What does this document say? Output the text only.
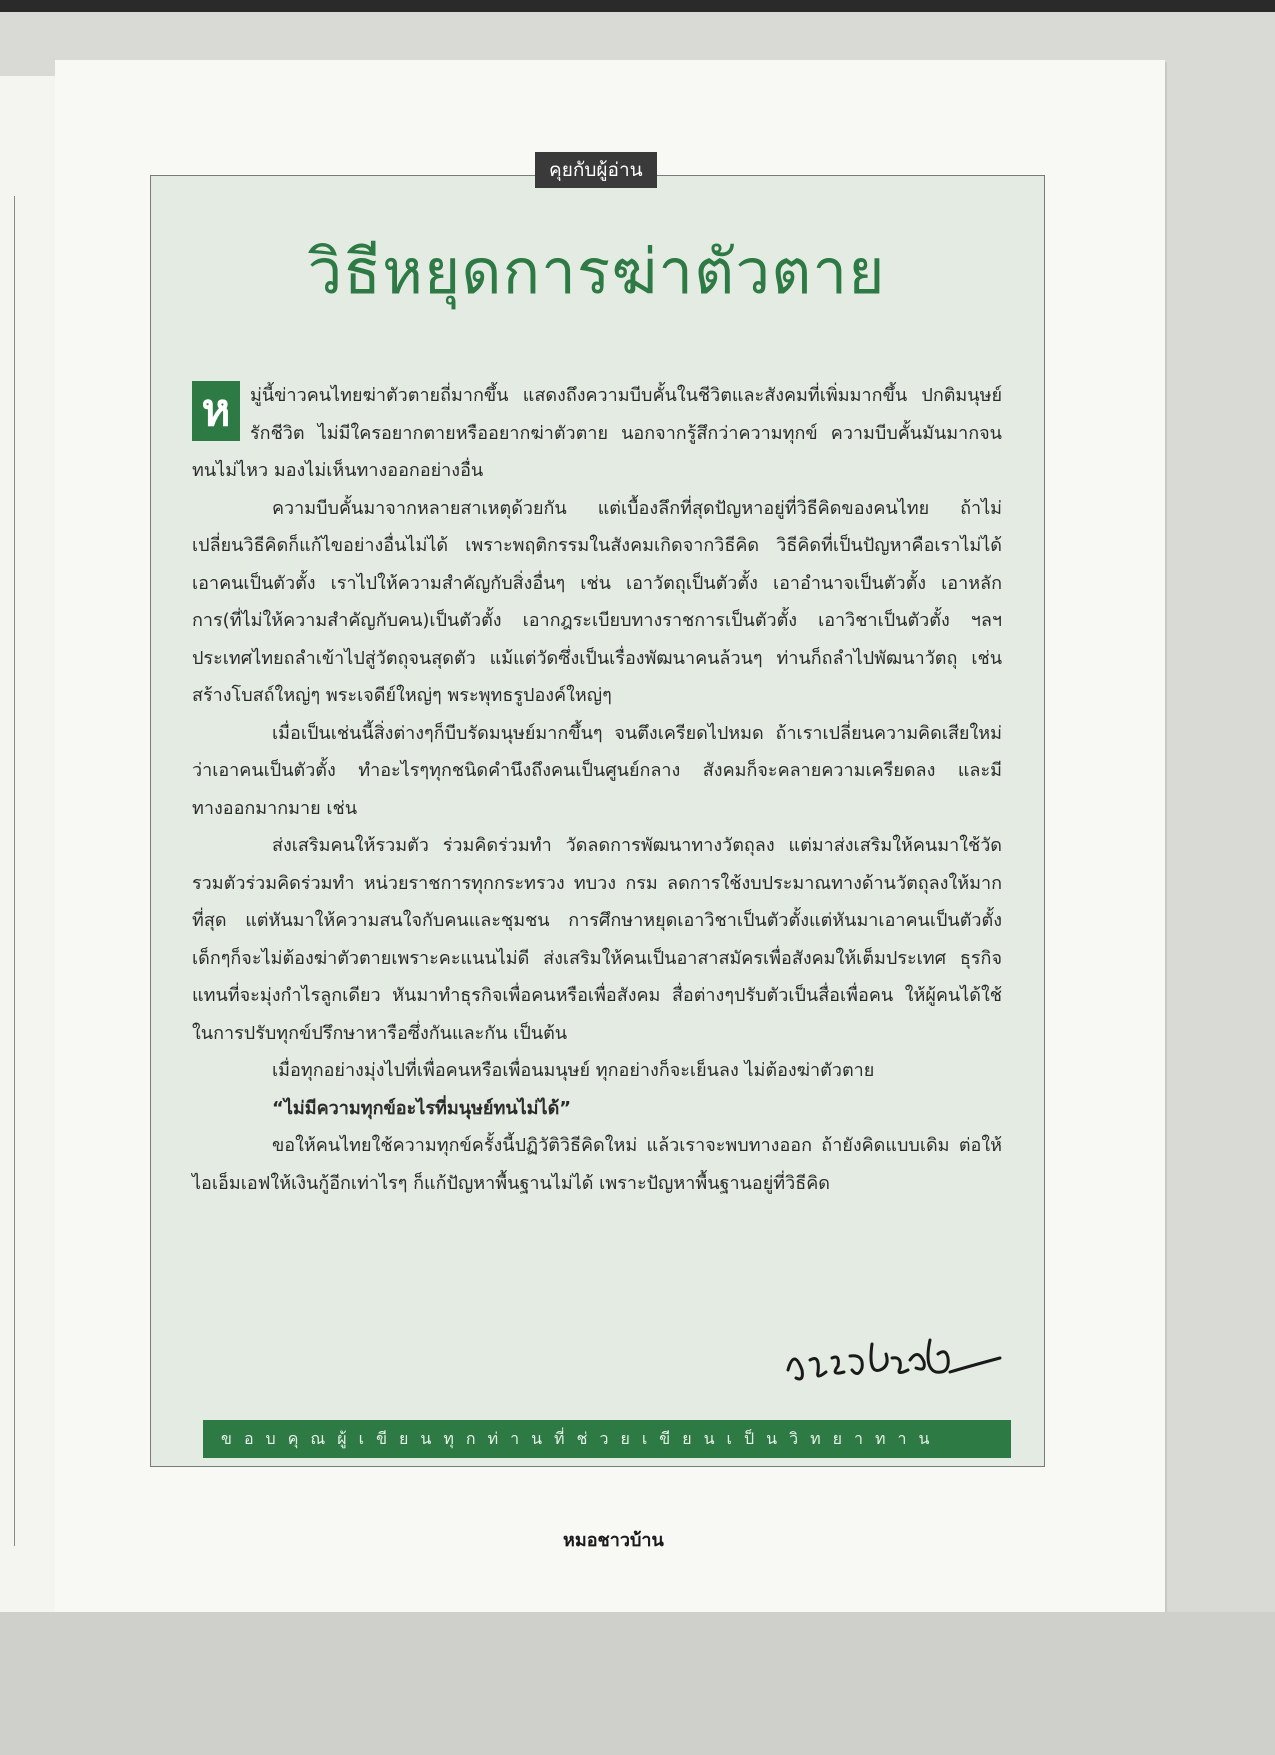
คุยกับผู้อ่าน
วิธีหยุดการฆ่าตัวตาย

ห	มู่นี้ข่าวคนไทยฆ่าตัวตายถี่มากขึ้น แสดงถึงความบีบคั้นในชีวิตและสังคมที่เพิ่มมากขึ้น ปกติมนุษย์รักชีวิต ไม่มีใครอยากตายหรืออยากฆ่าตัวตาย นอกจากรู้สึกว่าความทุกข์ ความบีบคั้นมันมากจนทนไม่ไหว มองไม่เห็นทางออกอย่างอื่น

ความบีบคั้นมาจากหลายสาเหตุด้วยกัน แต่เบื้องลึกที่สุดปัญหาอยู่ที่วิธีคิดของคนไทย ถ้าไม่เปลี่ยนวิธีคิดก็แก้ไขอย่างอื่นไม่ได้ เพราะพฤติกรรมในสังคมเกิดจากวิธีคิด วิธีคิดที่เป็นปัญหาคือเราไม่ได้เอาคนเป็นตัวตั้ง เราไปให้ความสำคัญกับสิ่งอื่นๆ เช่น เอาวัตถุเป็นตัวตั้ง เอาอำนาจเป็นตัวตั้ง เอาหลักการ(ที่ไม่ให้ความสำคัญกับคน)เป็นตัวตั้ง เอากฎระเบียบทางราชการเป็นตัวตั้ง เอาวิชาเป็นตัวตั้ง ฯลฯ ประเทศไทยถลำเข้าไปสู่วัตถุจนสุดตัว แม้แต่วัดซึ่งเป็นเรื่องพัฒนาคนล้วนๆ ท่านก็ถลำไปพัฒนาวัตถุ เช่น สร้างโบสถ์ใหญ่ๆ พระเจดีย์ใหญ่ๆ พระพุทธรูปองค์ใหญ่ๆ

เมื่อเป็นเช่นนี้สิ่งต่างๆก็บีบรัดมนุษย์มากขึ้นๆ จนตึงเครียดไปหมด ถ้าเราเปลี่ยนความคิดเสียใหม่ว่าเอาคนเป็นตัวตั้ง ทำอะไรๆทุกชนิดคำนึงถึงคนเป็นศูนย์กลาง สังคมก็จะคลายความเครียดลง และมีทางออกมากมาย เช่น

ส่งเสริมคนให้รวมตัว ร่วมคิดร่วมทำ วัดลดการพัฒนาทางวัตถุลง แต่มาส่งเสริมให้คนมาใช้วัดรวมตัวร่วมคิดร่วมทำ หน่วยราชการทุกกระทรวง ทบวง กรม ลดการใช้งบประมาณทางด้านวัตถุลงให้มากที่สุด แต่หันมาให้ความสนใจกับคนและชุมชน การศึกษาหยุดเอาวิชาเป็นตัวตั้งแต่หันมาเอาคนเป็นตัวตั้ง เด็กๆก็จะไม่ต้องฆ่าตัวตายเพราะคะแนนไม่ดี ส่งเสริมให้คนเป็นอาสาสมัครเพื่อสังคมให้เต็มประเทศ ธุรกิจแทนที่จะมุ่งกำไรลูกเดียว หันมาทำธุรกิจเพื่อคนหรือเพื่อสังคม สื่อต่างๆปรับตัวเป็นสื่อเพื่อคน ให้ผู้คนได้ใช้ในการปรับทุกข์ปรึกษาหารือซึ่งกันและกัน เป็นต้น

เมื่อทุกอย่างมุ่งไปที่เพื่อคนหรือเพื่อนมนุษย์ ทุกอย่างก็จะเย็นลง ไม่ต้องฆ่าตัวตาย

“ไม่มีความทุกข์อะไรที่มนุษย์ทนไม่ได้”

ขอให้คนไทยใช้ความทุกข์ครั้งนี้ปฏิวัติวิธีคิดใหม่ แล้วเราจะพบทางออก ถ้ายังคิดแบบเดิม ต่อให้ไอเอ็มเอฟให้เงินกู้อีกเท่าไรๆ ก็แก้ปัญหาพื้นฐานไม่ได้ เพราะปัญหาพื้นฐานอยู่ที่วิธีคิด

ขอบคุณผู้เขียนทุกท่านที่ช่วยเขียนเป็นวิทยาทาน
หมอชาวบ้าน
